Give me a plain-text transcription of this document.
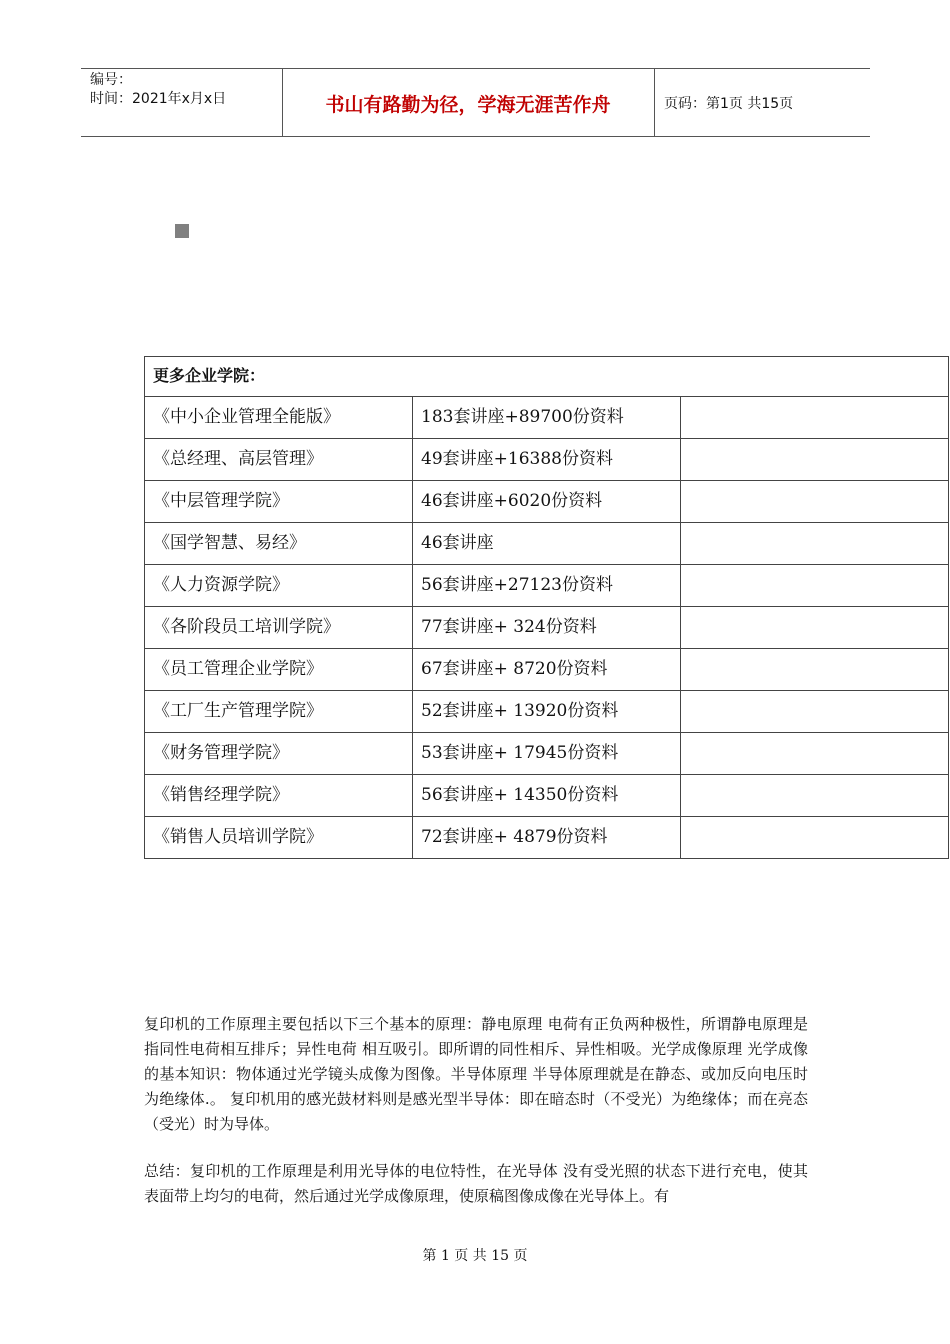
编号：
时间：2021年x月x日	书山有路勤为径，学海无涯苦作舟	页码：第1页 共15页
更多企业学院：		
《中小企业管理全能版》	183套讲座+89700份资料	
《总经理、高层管理》	49套讲座+16388份资料	
《中层管理学院》	46套讲座+6020份资料	
《国学智慧、易经》	46套讲座	
《人力资源学院》	56套讲座+27123份资料	
《各阶段员工培训学院》	77套讲座+ 324份资料	
《员工管理企业学院》	67套讲座+ 8720份资料	
《工厂生产管理学院》	52套讲座+ 13920份资料	
《财务管理学院》	53套讲座+ 17945份资料	
《销售经理学院》	56套讲座+ 14350份资料	
《销售人员培训学院》	72套讲座+ 4879份资料	
复印机的工作原理主要包括以下三个基本的原理：静电原理 电荷有正负两种极性，所谓静电原理是指同性电荷相互排斥；异性电荷 相互吸引。即所谓的同性相斥、异性相吸。光学成像原理 光学成像的基本知识：物体通过光学镜头成像为图像。半导体原理 半导体原理就是在静态、或加反向电压时为绝缘体.。 复印机用的感光鼓材料则是感光型半导体：即在暗态时（不受光）为绝缘体；而在亮态（受光）时为导体。
总结：复印机的工作原理是利用光导体的电位特性，在光导体 没有受光照的状态下进行充电，使其表面带上均匀的电荷，然后通过光学成像原理，使原稿图像成像在光导体上。有
第 1 页 共 15 页
